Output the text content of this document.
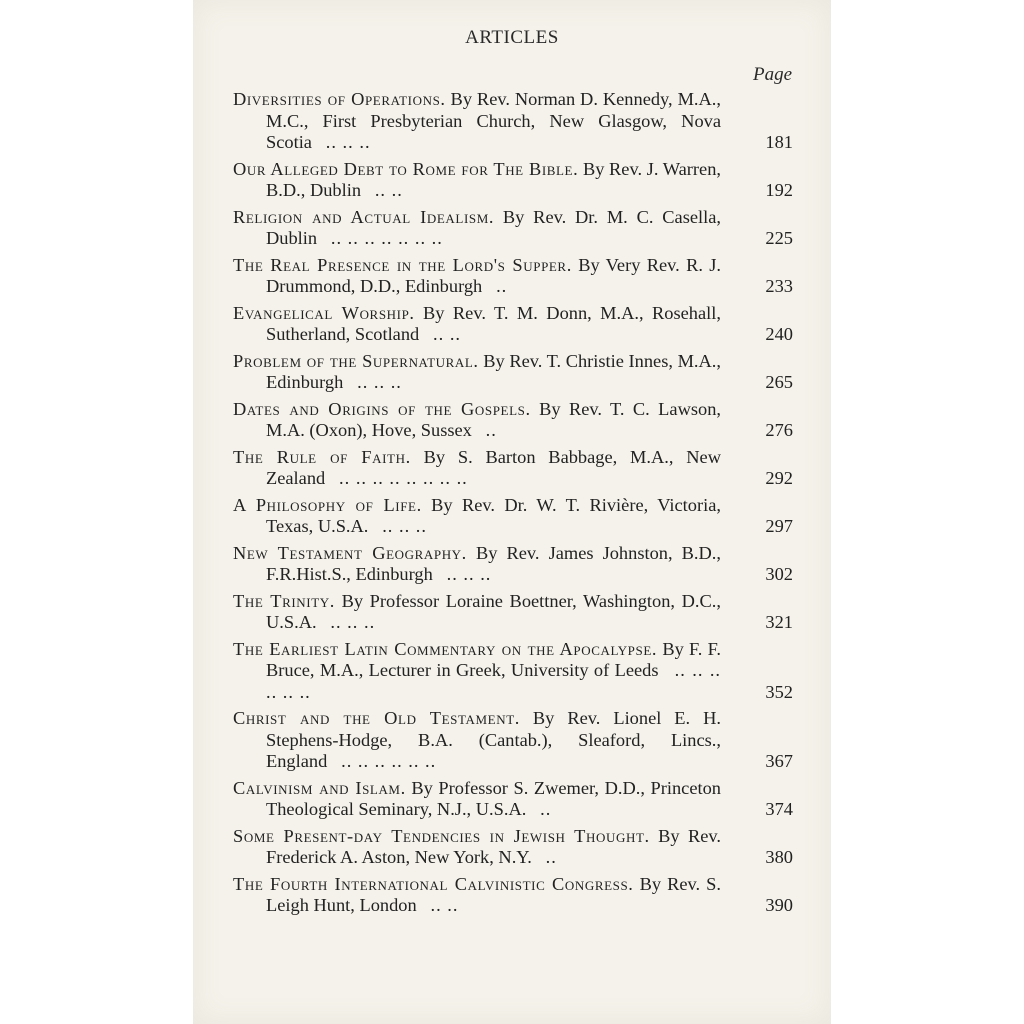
ARTICLES
Page
Diversities of Operations. By Rev. Norman D. Kennedy, M.A., M.C., First Presbyterian Church, New Glasgow, Nova Scotia .. .. ..	181
Our Alleged Debt to Rome for The Bible. By Rev. J. Warren, B.D., Dublin .. ..	192
Religion and Actual Idealism. By Rev. Dr. M. C. Casella, Dublin .. .. .. .. .. .. ..	225
The Real Presence in the Lord's Supper. By Very Rev. R. J. Drummond, D.D., Edinburgh ..	233
Evangelical Worship. By Rev. T. M. Donn, M.A., Rosehall, Sutherland, Scotland .. ..	240
Problem of the Supernatural. By Rev. T. Christie Innes, M.A., Edinburgh .. .. ..	265
Dates and Origins of the Gospels. By Rev. T. C. Lawson, M.A. (Oxon), Hove, Sussex ..	276
The Rule of Faith. By S. Barton Babbage, M.A., New Zealand .. .. .. .. .. .. .. ..	292
A Philosophy of Life. By Rev. Dr. W. T. Rivière, Victoria, Texas, U.S.A. .. .. ..	297
New Testament Geography. By Rev. James Johnston, B.D., F.R.Hist.S., Edinburgh .. .. ..	302
The Trinity. By Professor Loraine Boettner, Washington, D.C., U.S.A. .. .. ..	321
The Earliest Latin Commentary on the Apocalypse. By F. F. Bruce, M.A., Lecturer in Greek, University of Leeds .. .. .. .. .. ..	352
Christ and the Old Testament. By Rev. Lionel E. H. Stephens-Hodge, B.A. (Cantab.), Sleaford, Lincs., England .. .. .. .. .. ..	367
Calvinism and Islam. By Professor S. Zwemer, D.D., Princeton Theological Seminary, N.J., U.S.A. ..	374
Some Present-day Tendencies in Jewish Thought. By Rev. Frederick A. Aston, New York, N.Y. ..	380
The Fourth International Calvinistic Congress. By Rev. S. Leigh Hunt, London .. ..	390
